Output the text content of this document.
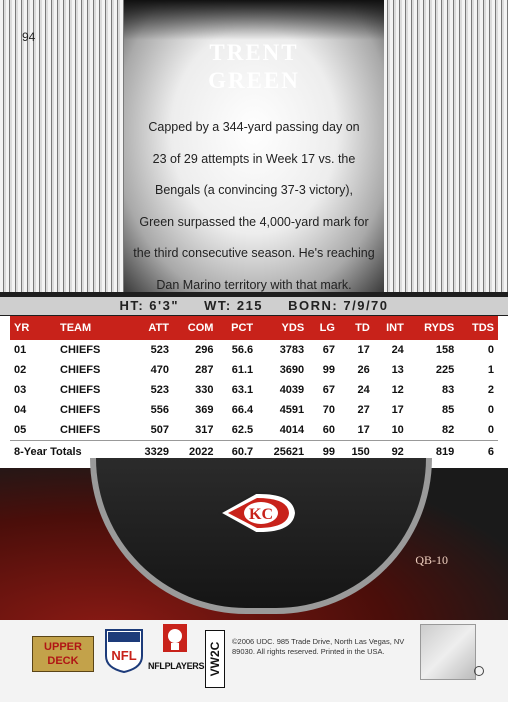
94
TRENT
GREEN
Capped by a 344-yard passing day on
23 of 29 attempts in Week 17 vs. the
Bengals (a convincing 37-3 victory),
Green surpassed the 4,000-yard mark for
the third consecutive season. He's reaching
Dan Marino territory with that mark.
HT: 6'3" WT: 215 BORN: 7/9/70
YR	TEAM	ATT	COM	PCT	YDS	LG	TD	INT	RYDS	TDS
01	CHIEFS	523	296	56.6	3783	67	17	24	158	0
02	CHIEFS	470	287	61.1	3690	99	26	13	225	1
03	CHIEFS	523	330	63.1	4039	67	24	12	83	2
04	CHIEFS	556	369	66.4	4591	70	27	17	85	0
05	CHIEFS	507	317	62.5	4014	60	17	10	82	0
8-Year Totals		3329	2022	60.7	25621	99	150	92	819	6
KC
QB-10
UPPER
DECK	NFL
NFLPLAYERS VW2C
©2006 UDC. 985 Trade Drive, North Las Vegas, NV
89030. All rights reserved. Printed in the USA.
